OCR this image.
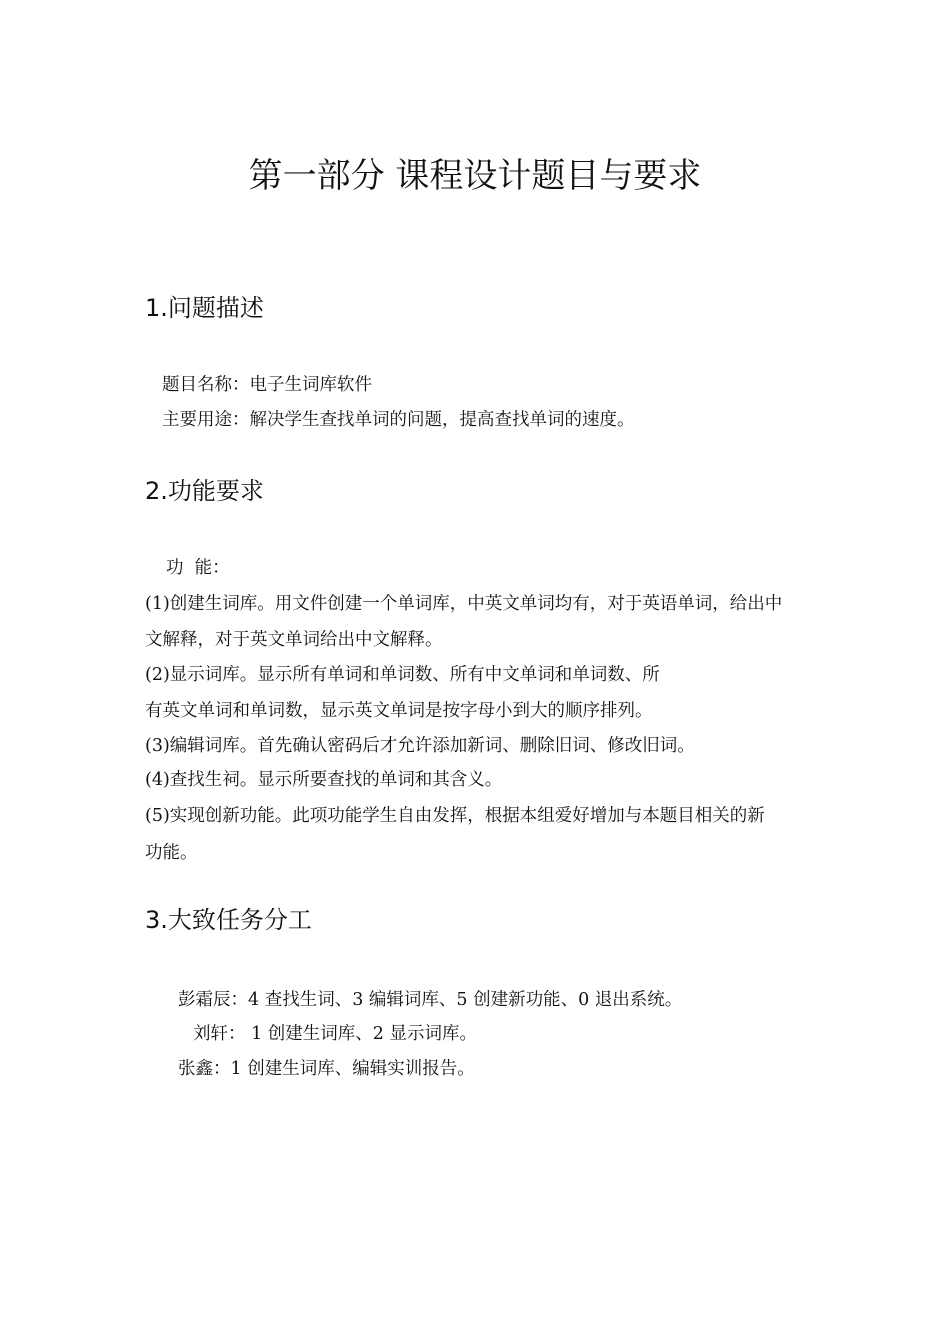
第一部分 课程设计题目与要求
1.问题描述

题目名称：电子生词库软件

主要用途：解决学生查找单词的问题，提高查找单词的速度。

2.功能要求

功  能：

(1)创建生词库。用文件创建一个单词库，中英文单词均有，对于英语单词，给出中

文解释，对于英文单词给出中文解释。

(2)显示词库。显示所有单词和单词数、所有中文单词和单词数、所

有英文单词和单词数，显示英文单词是按字母小到大的顺序排列。

(3)编辑词库。首先确认密码后才允许添加新词、删除旧词、修改旧词。

(4)查找生祠。显示所要查找的单词和其含义。

(5)实现创新功能。此项功能学生自由发挥，根据本组爱好增加与本题目相关的新

功能。

3.大致任务分工

彭霜辰：4 查找生词、3 编辑词库、5 创建新功能、0 退出系统。

刘轩： 1 创建生词库、2 显示词库。

张鑫：1 创建生词库、编辑实训报告。
